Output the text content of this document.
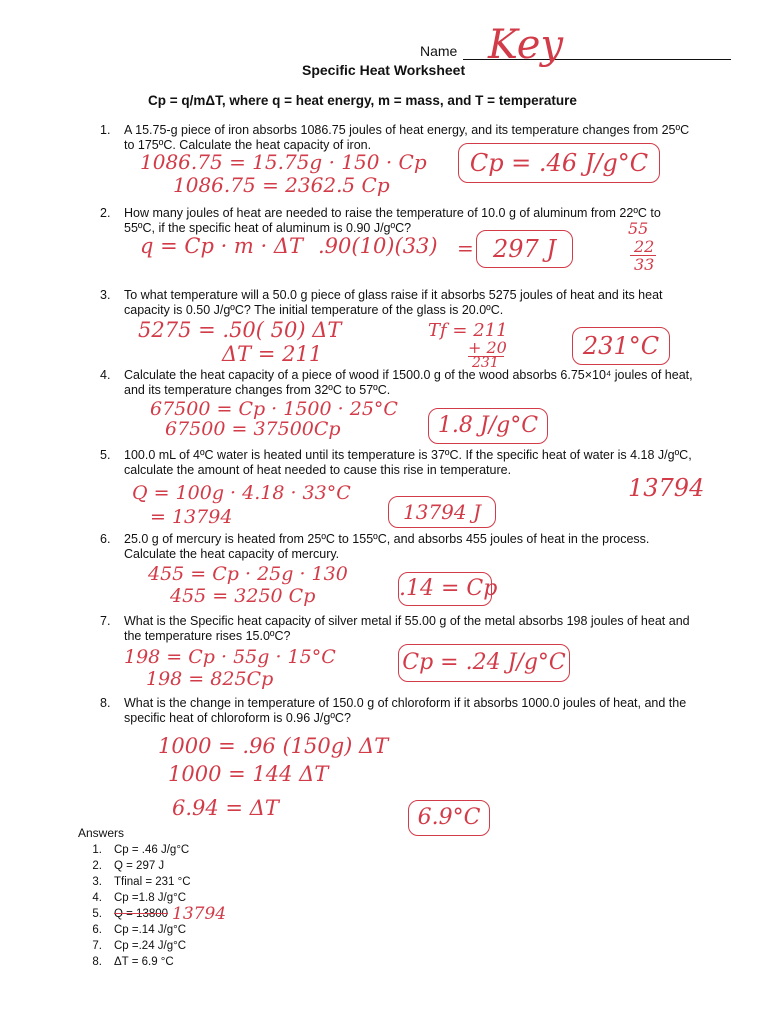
Name Key
Specific Heat Worksheet
Cp = q/mΔT, where q = heat energy, m = mass, and T = temperature
1. A 15.75-g piece of iron absorbs 1086.75 joules of heat energy, and its temperature changes from 25ºC to 175ºC. Calculate the heat capacity of iron.
1086.75 = 15.75g · 150 · Cp
1086.75 = 2362.5 Cp
Cp = .46 J/g°C
2. How many joules of heat are needed to raise the temperature of 10.0 g of aluminum from 22ºC to 55ºC, if the specific heat of aluminum is 0.90 J/gºC?
q = Cp · m · ΔT .90(10)(33) = 297 J
55
22
33
3. To what temperature will a 50.0 g piece of glass raise if it absorbs 5275 joules of heat and its heat capacity is 0.50 J/gºC? The initial temperature of the glass is 20.0ºC.
5275 = .50( 50) ΔT
ΔT = 211
Tf = 211
+ 20
231
231°C
4. Calculate the heat capacity of a piece of wood if 1500.0 g of the wood absorbs 6.75×10⁴ joules of heat, and its temperature changes from 32ºC to 57ºC.
67500 = Cp · 1500 · 25°C
67500 = 37500Cp	1.8 J/g°C
5. 100.0 mL of 4ºC water is heated until its temperature is 37ºC. If the specific heat of water is 4.18 J/gºC, calculate the amount of heat needed to cause this rise in temperature.
Q = 100g · 4.18 · 33°C
= 13794
13794
13794 J
6. 25.0 g of mercury is heated from 25ºC to 155ºC, and absorbs 455 joules of heat in the process. Calculate the heat capacity of mercury.
455 = Cp · 25g · 130
455 = 3250 Cp	.14 = Cp
7. What is the Specific heat capacity of silver metal if 55.00 g of the metal absorbs 198 joules of heat and the temperature rises 15.0ºC?
198 = Cp · 55g · 15°C
198 = 825Cp
Cp = .24 J/g°C
8. What is the change in temperature of 150.0 g of chloroform if it absorbs 1000.0 joules of heat, and the specific heat of chloroform is 0.96 J/gºC?
1000 = .96 (150g) ΔT
1000 = 144 ΔT
6.94 = ΔT	6.9°C
Answers
1. Cp = .46 J/g°C
2. Q = 297 J
3. Tfinal = 231 °C
4. Cp =1.8 J/g°C
5. Q = 13800 13794
6. Cp =.14 J/g°C
7. Cp =.24 J/g°C
8. ΔT = 6.9 °C
